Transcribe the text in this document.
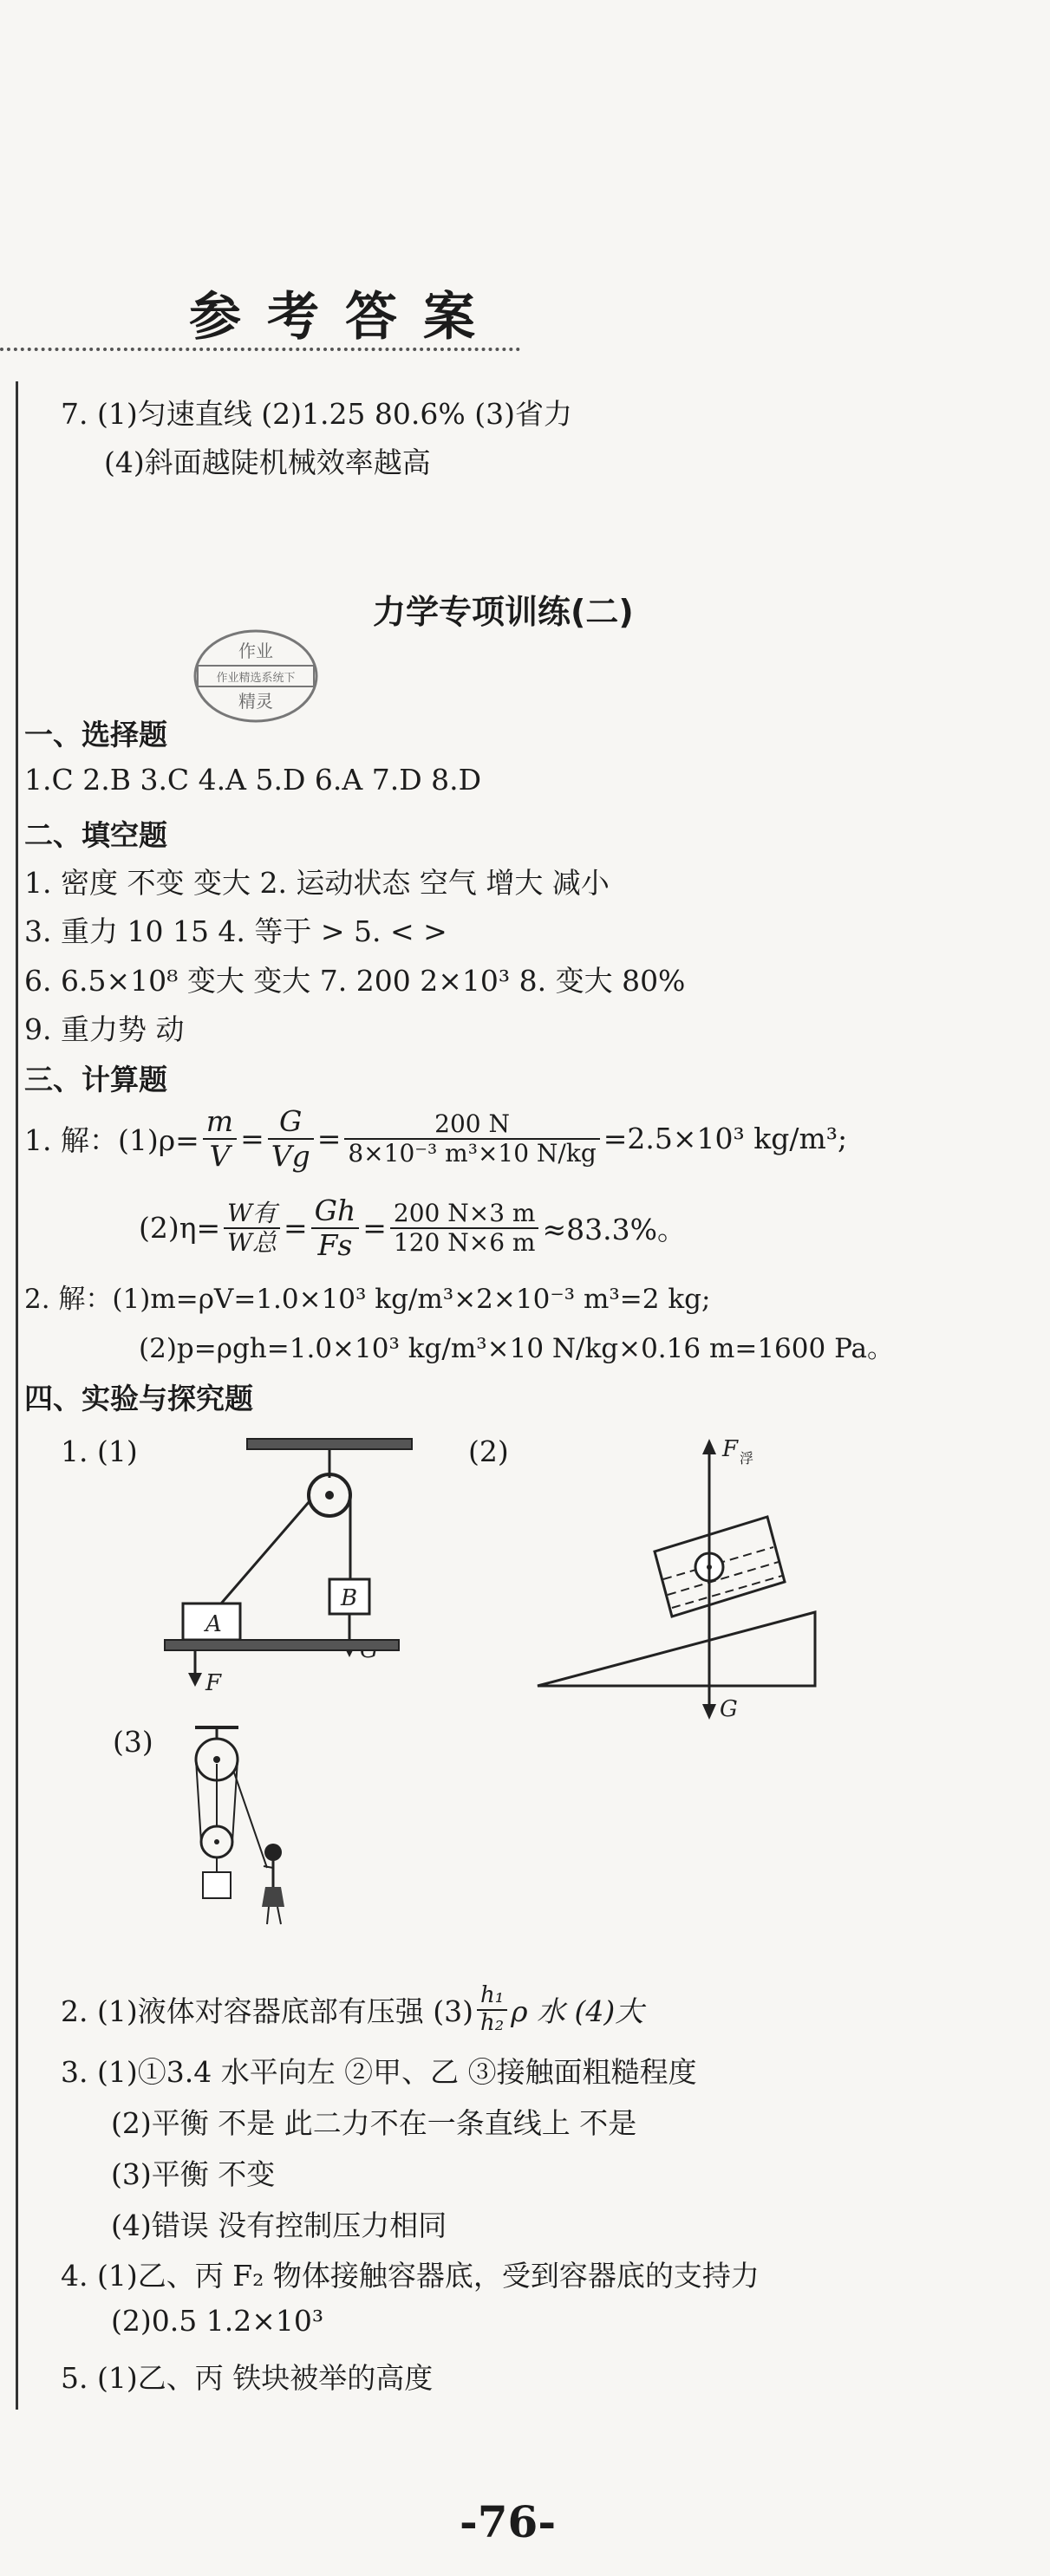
参考答案
7. (1)匀速直线 (2)1.25 80.6% (3)省力
(4)斜面越陡机械效率越高
力学专项训练(二)
作业
作业精选系统下
精灵
一、选择题
1.C 2.B 3.C 4.A 5.D 6.A 7.D 8.D
二、填空题
1. 密度 不变 变大 2. 运动状态 空气 增大 减小
3. 重力 10 15 4. 等于 > 5. < >
6. 6.5×10⁸ 变大 变大 7. 200 2×10³ 8. 变大 80%
9. 重力势 动
三、计算题
1. 解：$(1)\rho= \frac{m}{V} = \frac{G}{Vg} = \frac{200 N}{\text{8×10⁻³ m³×10 N/kg}} =2.5\times 10^3$ kg/m³;
$(2)\eta= \frac{\text{W有}}{\text{W总}} = \frac{Gh}{Fs} = \frac{200 N\times 3 m}{120 N\times 6 m} \approx 83.3\%$。
2. 解：(1)m=ρV=1.0×10³ kg/m³×2×10⁻³ m³=2 kg;
(2)p=ρgh=1.0×10³ kg/m³×10 N/kg×0.16 m=1600 Pa。
四、实验与探究题
1. (1)	(2)
(3)
A
B
F
F 浮
G
2. (1)液体对容器底部有压强 $(3) \frac{\text{h₁}}{\text{h₂}}$ ρ 水 (4)大
3. (1)①3.4 水平向左 ②甲、乙 ③接触面粗糙程度
(2)平衡 不是 此二力不在一条直线上 不是
(3)平衡 不变
(4)错误 没有控制压力相同
4. (1)乙、丙 F₂ 物体接触容器底，受到容器底的支持力
(2)0.5 1.2×10³
5. (1)乙、丙 铁块被举的高度
-76-
